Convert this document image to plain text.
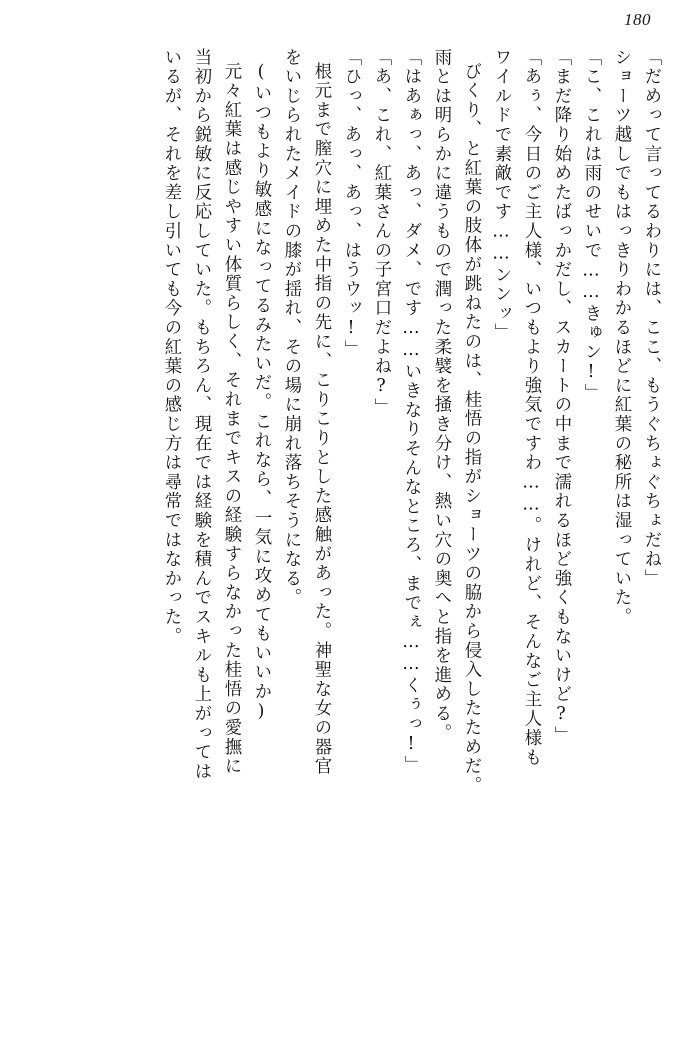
180
「だめって言ってるわりには、ここ、もうぐちょぐちょだね」
ショーツ越しでもはっきりわかるほどに紅葉の秘所は湿っていた。
「こ、これは雨のせいで……きゅン!」
「まだ降り始めたばっかだし、スカートの中まで濡れるほど強くもないけど?」
「あぅ、今日のご主人様、いつもより強気ですわ……。けれど、そんなご主人様も
ワイルドで素敵です……ンンッ」
びくり、と紅葉の肢体が跳ねたのは、桂悟の指がショーツの脇から侵入したためだ。
雨とは明らかに違うもので潤った柔襞を掻き分け、熱い穴の奥へと指を進める。
「はあぁっ、あっ、ダメ、です……いきなりそんなところ、までぇ……くぅっ!」
「あ、これ、紅葉さんの子宮口だよね?」
「ひっ、あっ、あっ、はうウッ!」
根元まで膣穴に埋めた中指の先に、こりこりとした感触があった。神聖な女の器官
をいじられたメイドの膝が揺れ、その場に崩れ落ちそうになる。
(いつもより敏感になってるみたいだ。これなら、一気に攻めてもいいか)
元々紅葉は感じやすい体質らしく、それまでキスの経験すらなかった桂悟の愛撫に
当初から鋭敏に反応していた。もちろん、現在では経験を積んでスキルも上がっては
いるが、それを差し引いても今の紅葉の感じ方は尋常ではなかった。
